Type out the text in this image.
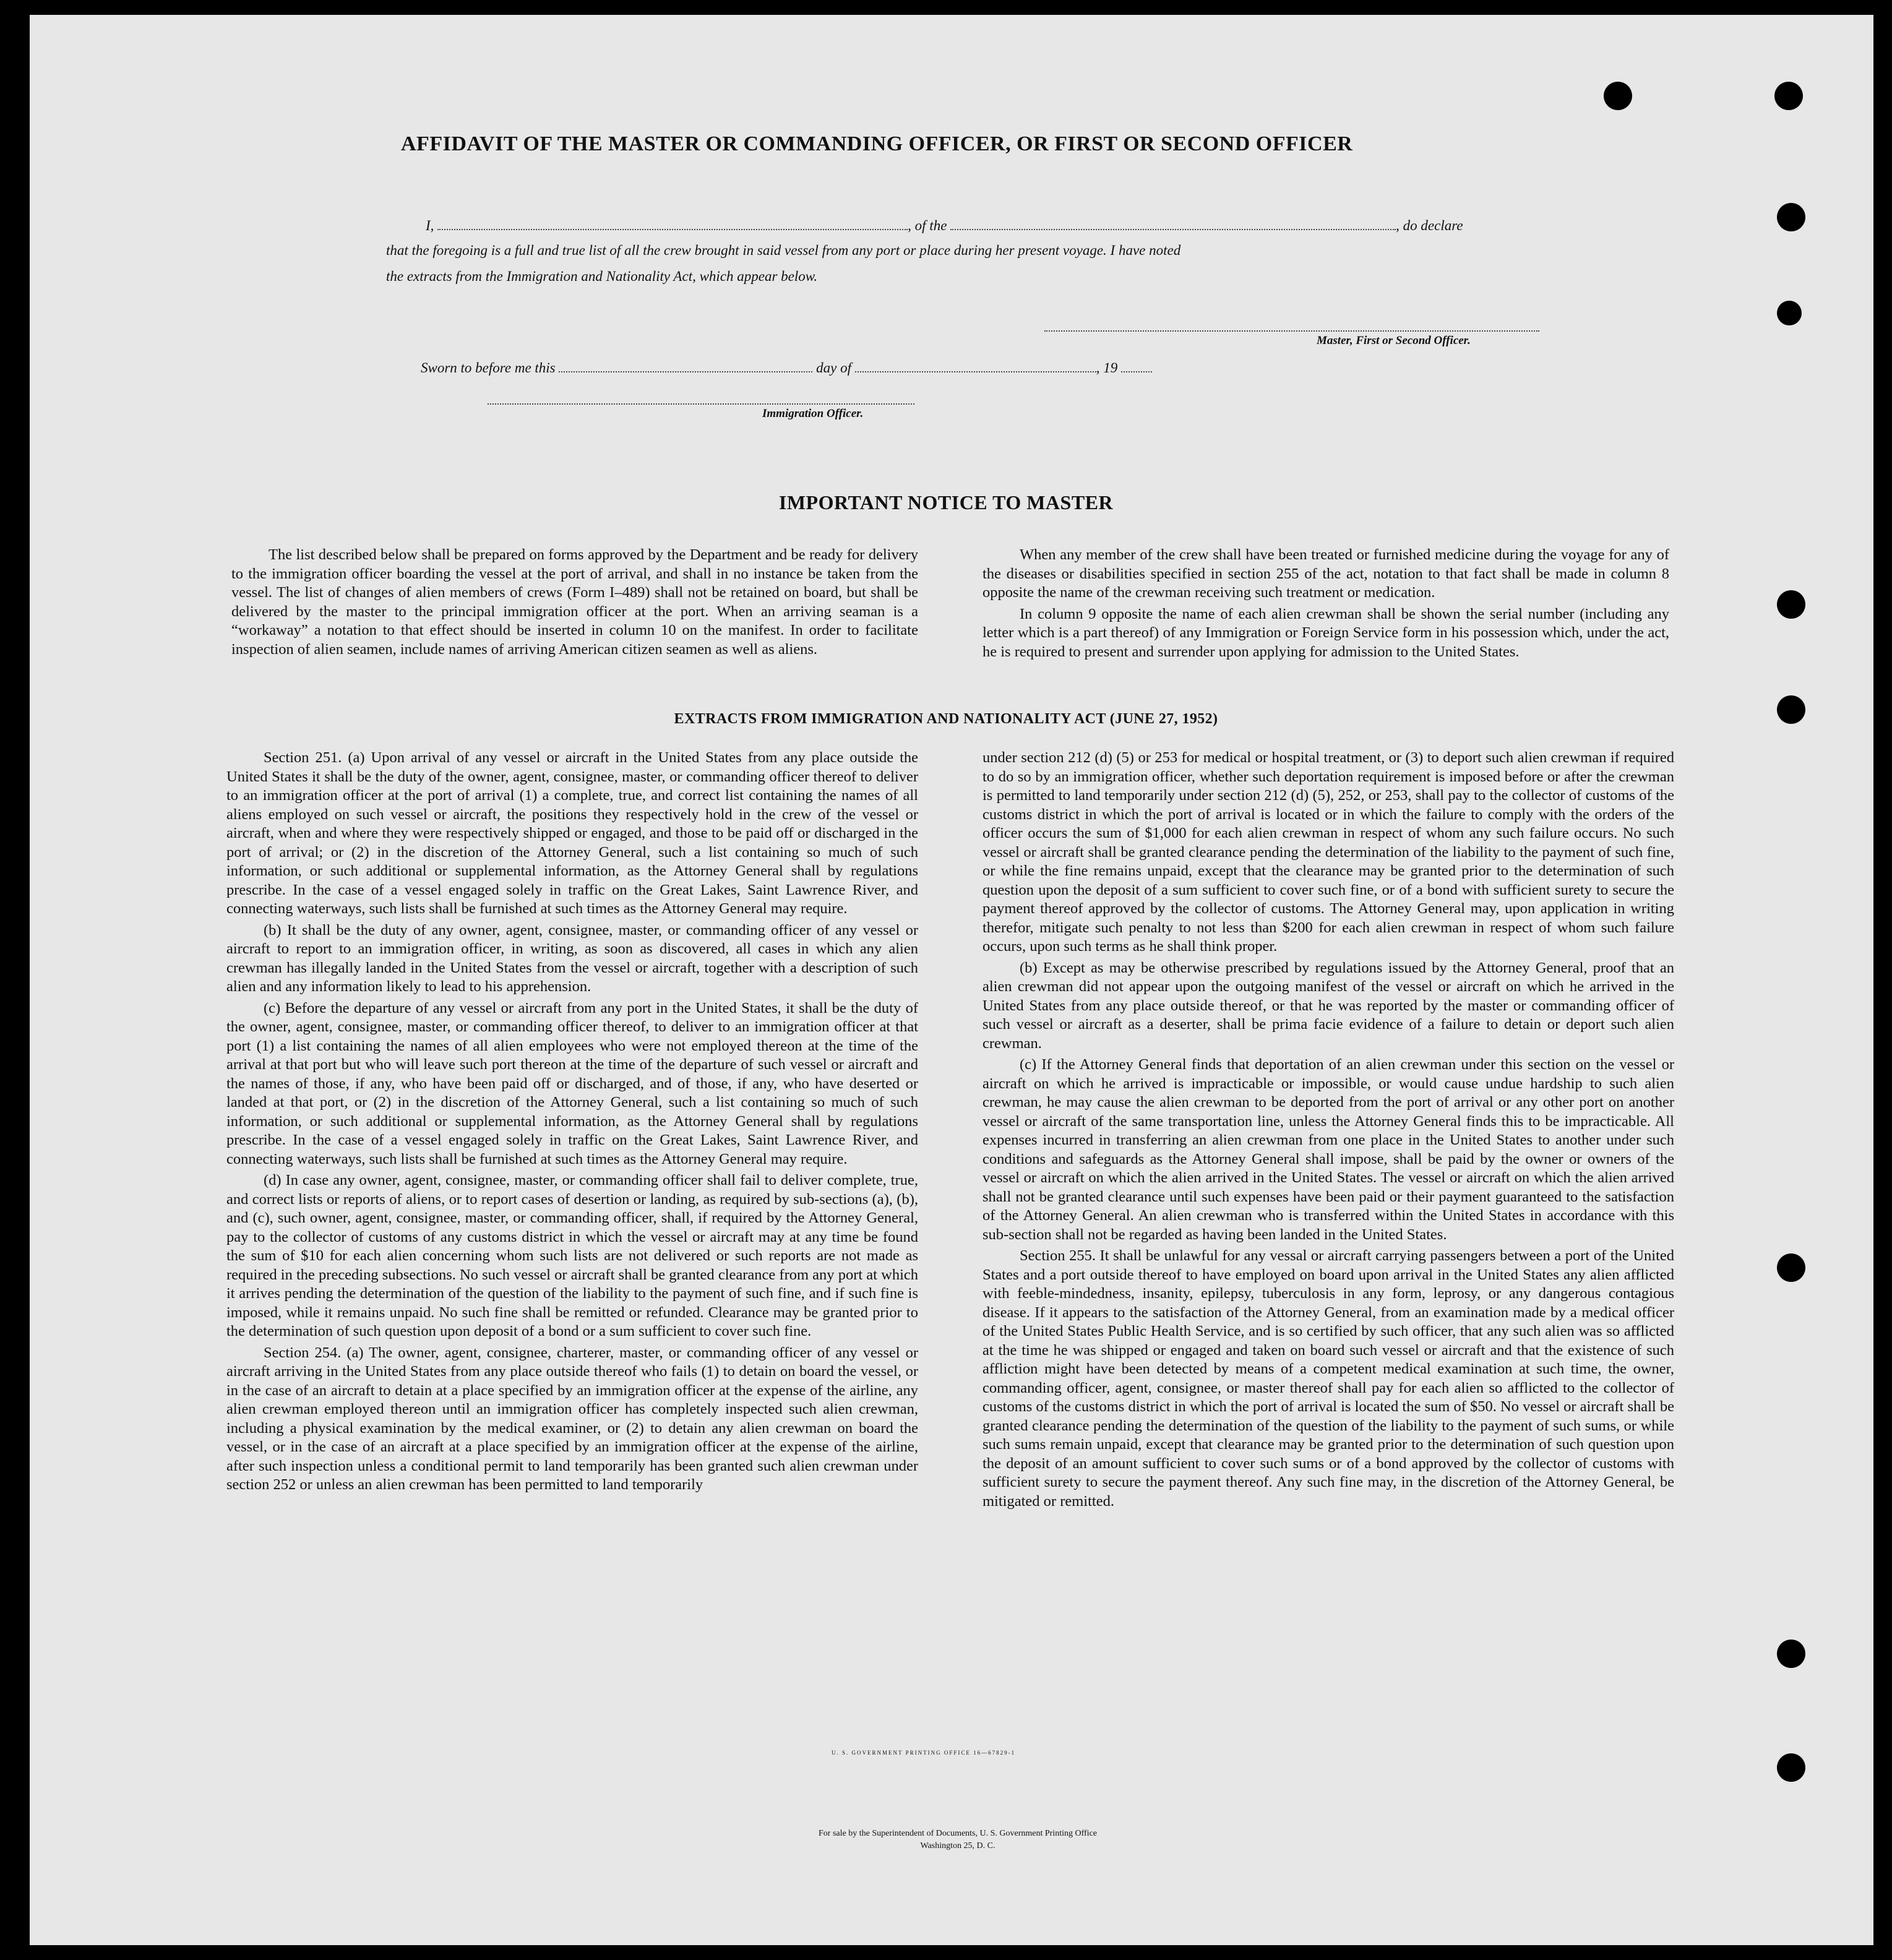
AFFIDAVIT OF THE MASTER OR COMMANDING OFFICER, OR FIRST OR SECOND OFFICER
I,	, of the	, do declare
that the foregoing is a full and true list of all the crew brought in said vessel from any port or place during her present voyage. I have noted
the extracts from the Immigration and Nationality Act, which appear below.
Master, First or Second Officer.
Sworn to before me this	day of	, 19
Immigration Officer.
IMPORTANT NOTICE TO MASTER

The list described below shall be prepared on forms approved by the Department and be ready for delivery to the immigration officer boarding the vessel at the port of arrival, and shall in no instance be taken from the vessel. The list of changes of alien members of crews (Form I–489) shall not be retained on board, but shall be delivered by the master to the principal immigration officer at the port. When an arriving seaman is a “workaway” a notation to that effect should be inserted in column 10 on the manifest. In order to facilitate inspection of alien seamen, include names of arriving American citizen seamen as well as aliens.

When any member of the crew shall have been treated or furnished medicine during the voyage for any of the diseases or disabilities specified in section 255 of the act, notation to that fact shall be made in column 8 opposite the name of the crewman receiving such treatment or medication.

In column 9 opposite the name of each alien crewman shall be shown the serial number (including any letter which is a part thereof) of any Immigration or Foreign Service form in his possession which, under the act, he is required to present and surrender upon applying for admission to the United States.

EXTRACTS FROM IMMIGRATION AND NATIONALITY ACT (JUNE 27, 1952)

Section 251. (a) Upon arrival of any vessel or aircraft in the United States from any place outside the United States it shall be the duty of the owner, agent, consignee, master, or commanding officer thereof to deliver to an immigration officer at the port of arrival (1) a complete, true, and correct list containing the names of all aliens employed on such vessel or aircraft, the positions they respectively hold in the crew of the vessel or aircraft, when and where they were respectively shipped or engaged, and those to be paid off or discharged in the port of arrival; or (2) in the discretion of the Attorney General, such a list containing so much of such information, or such additional or supplemental information, as the Attorney General shall by regulations prescribe. In the case of a vessel engaged solely in traffic on the Great Lakes, Saint Lawrence River, and connecting waterways, such lists shall be furnished at such times as the Attorney General may require.

(b) It shall be the duty of any owner, agent, consignee, master, or commanding officer of any vessel or aircraft to report to an immigration officer, in writing, as soon as discovered, all cases in which any alien crewman has illegally landed in the United States from the vessel or aircraft, together with a description of such alien and any information likely to lead to his apprehension.

(c) Before the departure of any vessel or aircraft from any port in the United States, it shall be the duty of the owner, agent, consignee, master, or commanding officer thereof, to deliver to an immigration officer at that port (1) a list containing the names of all alien employees who were not employed thereon at the time of the arrival at that port but who will leave such port thereon at the time of the departure of such vessel or aircraft and the names of those, if any, who have been paid off or discharged, and of those, if any, who have deserted or landed at that port, or (2) in the discretion of the Attorney General, such a list containing so much of such information, or such additional or supplemental information, as the Attorney General shall by regulations prescribe. In the case of a vessel engaged solely in traffic on the Great Lakes, Saint Lawrence River, and connecting waterways, such lists shall be furnished at such times as the Attorney General may require.

(d) In case any owner, agent, consignee, master, or commanding officer shall fail to deliver complete, true, and correct lists or reports of aliens, or to report cases of desertion or landing, as required by sub-sections (a), (b), and (c), such owner, agent, consignee, master, or commanding officer, shall, if required by the Attorney General, pay to the collector of customs of any customs district in which the vessel or aircraft may at any time be found the sum of $10 for each alien concerning whom such lists are not delivered or such reports are not made as required in the preceding subsections. No such vessel or aircraft shall be granted clearance from any port at which it arrives pending the determination of the question of the liability to the payment of such fine, and if such fine is imposed, while it remains unpaid. No such fine shall be remitted or refunded. Clearance may be granted prior to the determination of such question upon deposit of a bond or a sum sufficient to cover such fine.

Section 254. (a) The owner, agent, consignee, charterer, master, or commanding officer of any vessel or aircraft arriving in the United States from any place outside thereof who fails (1) to detain on board the vessel, or in the case of an aircraft to detain at a place specified by an immigration officer at the expense of the airline, any alien crewman employed thereon until an immigration officer has completely inspected such alien crewman, including a physical examination by the medical examiner, or (2) to detain any alien crewman on board the vessel, or in the case of an aircraft at a place specified by an immigration officer at the expense of the airline, after such inspection unless a conditional permit to land temporarily has been granted such alien crewman under section 252 or unless an alien crewman has been permitted to land temporarily

under section 212 (d) (5) or 253 for medical or hospital treatment, or (3) to deport such alien crewman if required to do so by an immigration officer, whether such deportation requirement is imposed before or after the crewman is permitted to land temporarily under section 212 (d) (5), 252, or 253, shall pay to the collector of customs of the customs district in which the port of arrival is located or in which the failure to comply with the orders of the officer occurs the sum of $1,000 for each alien crewman in respect of whom any such failure occurs. No such vessel or aircraft shall be granted clearance pending the determination of the liability to the payment of such fine, or while the fine remains unpaid, except that the clearance may be granted prior to the determination of such question upon the deposit of a sum sufficient to cover such fine, or of a bond with sufficient surety to secure the payment thereof approved by the collector of customs. The Attorney General may, upon application in writing therefor, mitigate such penalty to not less than $200 for each alien crewman in respect of whom such failure occurs, upon such terms as he shall think proper.

(b) Except as may be otherwise prescribed by regulations issued by the Attorney General, proof that an alien crewman did not appear upon the outgoing manifest of the vessel or aircraft on which he arrived in the United States from any place outside thereof, or that he was reported by the master or commanding officer of such vessel or aircraft as a deserter, shall be prima facie evidence of a failure to detain or deport such alien crewman.

(c) If the Attorney General finds that deportation of an alien crewman under this section on the vessel or aircraft on which he arrived is impracticable or impossible, or would cause undue hardship to such alien crewman, he may cause the alien crewman to be deported from the port of arrival or any other port on another vessel or aircraft of the same transportation line, unless the Attorney General finds this to be impracticable. All expenses incurred in transferring an alien crewman from one place in the United States to another under such conditions and safeguards as the Attorney General shall impose, shall be paid by the owner or owners of the vessel or aircraft on which the alien arrived in the United States. The vessel or aircraft on which the alien arrived shall not be granted clearance until such expenses have been paid or their payment guaranteed to the satisfaction of the Attorney General. An alien crewman who is transferred within the United States in accordance with this sub-section shall not be regarded as having been landed in the United States.

Section 255. It shall be unlawful for any vessal or aircraft carrying passengers between a port of the United States and a port outside thereof to have employed on board upon arrival in the United States any alien afflicted with feeble-mindedness, insanity, epilepsy, tuberculosis in any form, leprosy, or any dangerous contagious disease. If it appears to the satisfaction of the Attorney General, from an examination made by a medical officer of the United States Public Health Service, and is so certified by such officer, that any such alien was so afflicted at the time he was shipped or engaged and taken on board such vessel or aircraft and that the existence of such affliction might have been detected by means of a competent medical examination at such time, the owner, commanding officer, agent, consignee, or master thereof shall pay for each alien so afflicted to the collector of customs of the customs district in which the port of arrival is located the sum of $50. No vessel or aircraft shall be granted clearance pending the determination of the question of the liability to the payment of such sums, or while such sums remain unpaid, except that clearance may be granted prior to the determination of such question upon the deposit of an amount sufficient to cover such sums or of a bond approved by the collector of customs with sufficient surety to secure the payment thereof. Any such fine may, in the discretion of the Attorney General, be mitigated or remitted.

U. S. GOVERNMENT PRINTING OFFICE 16—67829-1
For sale by the Superintendent of Documents, U. S. Government Printing Office
Washington 25, D. C.
